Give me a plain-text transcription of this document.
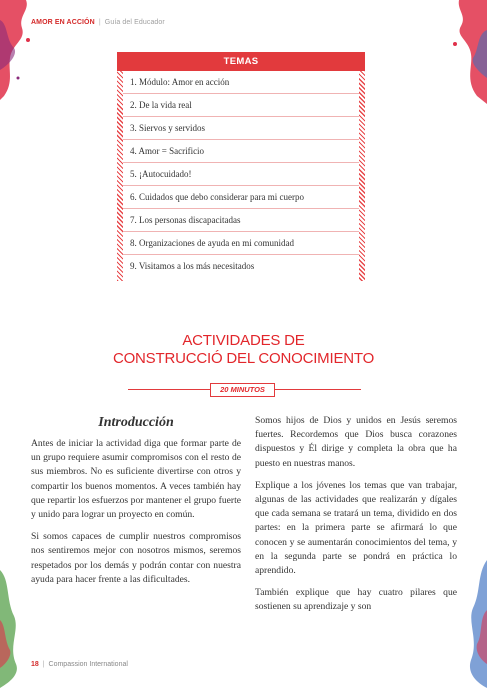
AMOR EN ACCIÓN | Guía del Educador
TEMAS
1. Módulo: Amor en acción
2. De la vida real
3. Siervos y servidos
4. Amor = Sacrificio
5. ¡Autocuidado!
6. Cuidados que debo considerar para mi cuerpo
7. Los personas discapacitadas
8. Organizaciones de ayuda en mi comunidad
9. Visitamos a los más necesitados
ACTIVIDADES DE
CONSTRUCCIÓ DEL CONOCIMIENTO
20 MINUTOS
Introducción

Antes de iniciar la actividad diga que formar parte de un grupo requiere asumir compromisos con el resto de sus miembros. No es suficiente divertirse con otros y compartir los buenos momentos. A veces también hay que repartir los esfuerzos por mantener el grupo fuerte y unido para lograr un proyecto en común.

Si somos capaces de cumplir nuestros compromisos nos sentiremos mejor con nosotros mismos, seremos respetados por los demás y podrán contar con nuestra ayuda para hacer frente a las dificultades.

Somos hijos de Dios y unidos en Jesús seremos fuertes. Recordemos que Dios busca corazones dispuestos y Él dirige y completa la obra que ha puesto en nuestras manos.

Explique a los jóvenes los temas que van trabajar, algunas de las actividades que realizarán y dígales que cada semana se tratará un tema, dividido en dos partes: en la primera parte se afirmará lo que conocen y se aumentarán conocimientos del tema, y en la segunda parte se pondrá en práctica lo aprendido.

También explique que hay cuatro pilares que sostienen su aprendizaje y son

18 | Compassion International
